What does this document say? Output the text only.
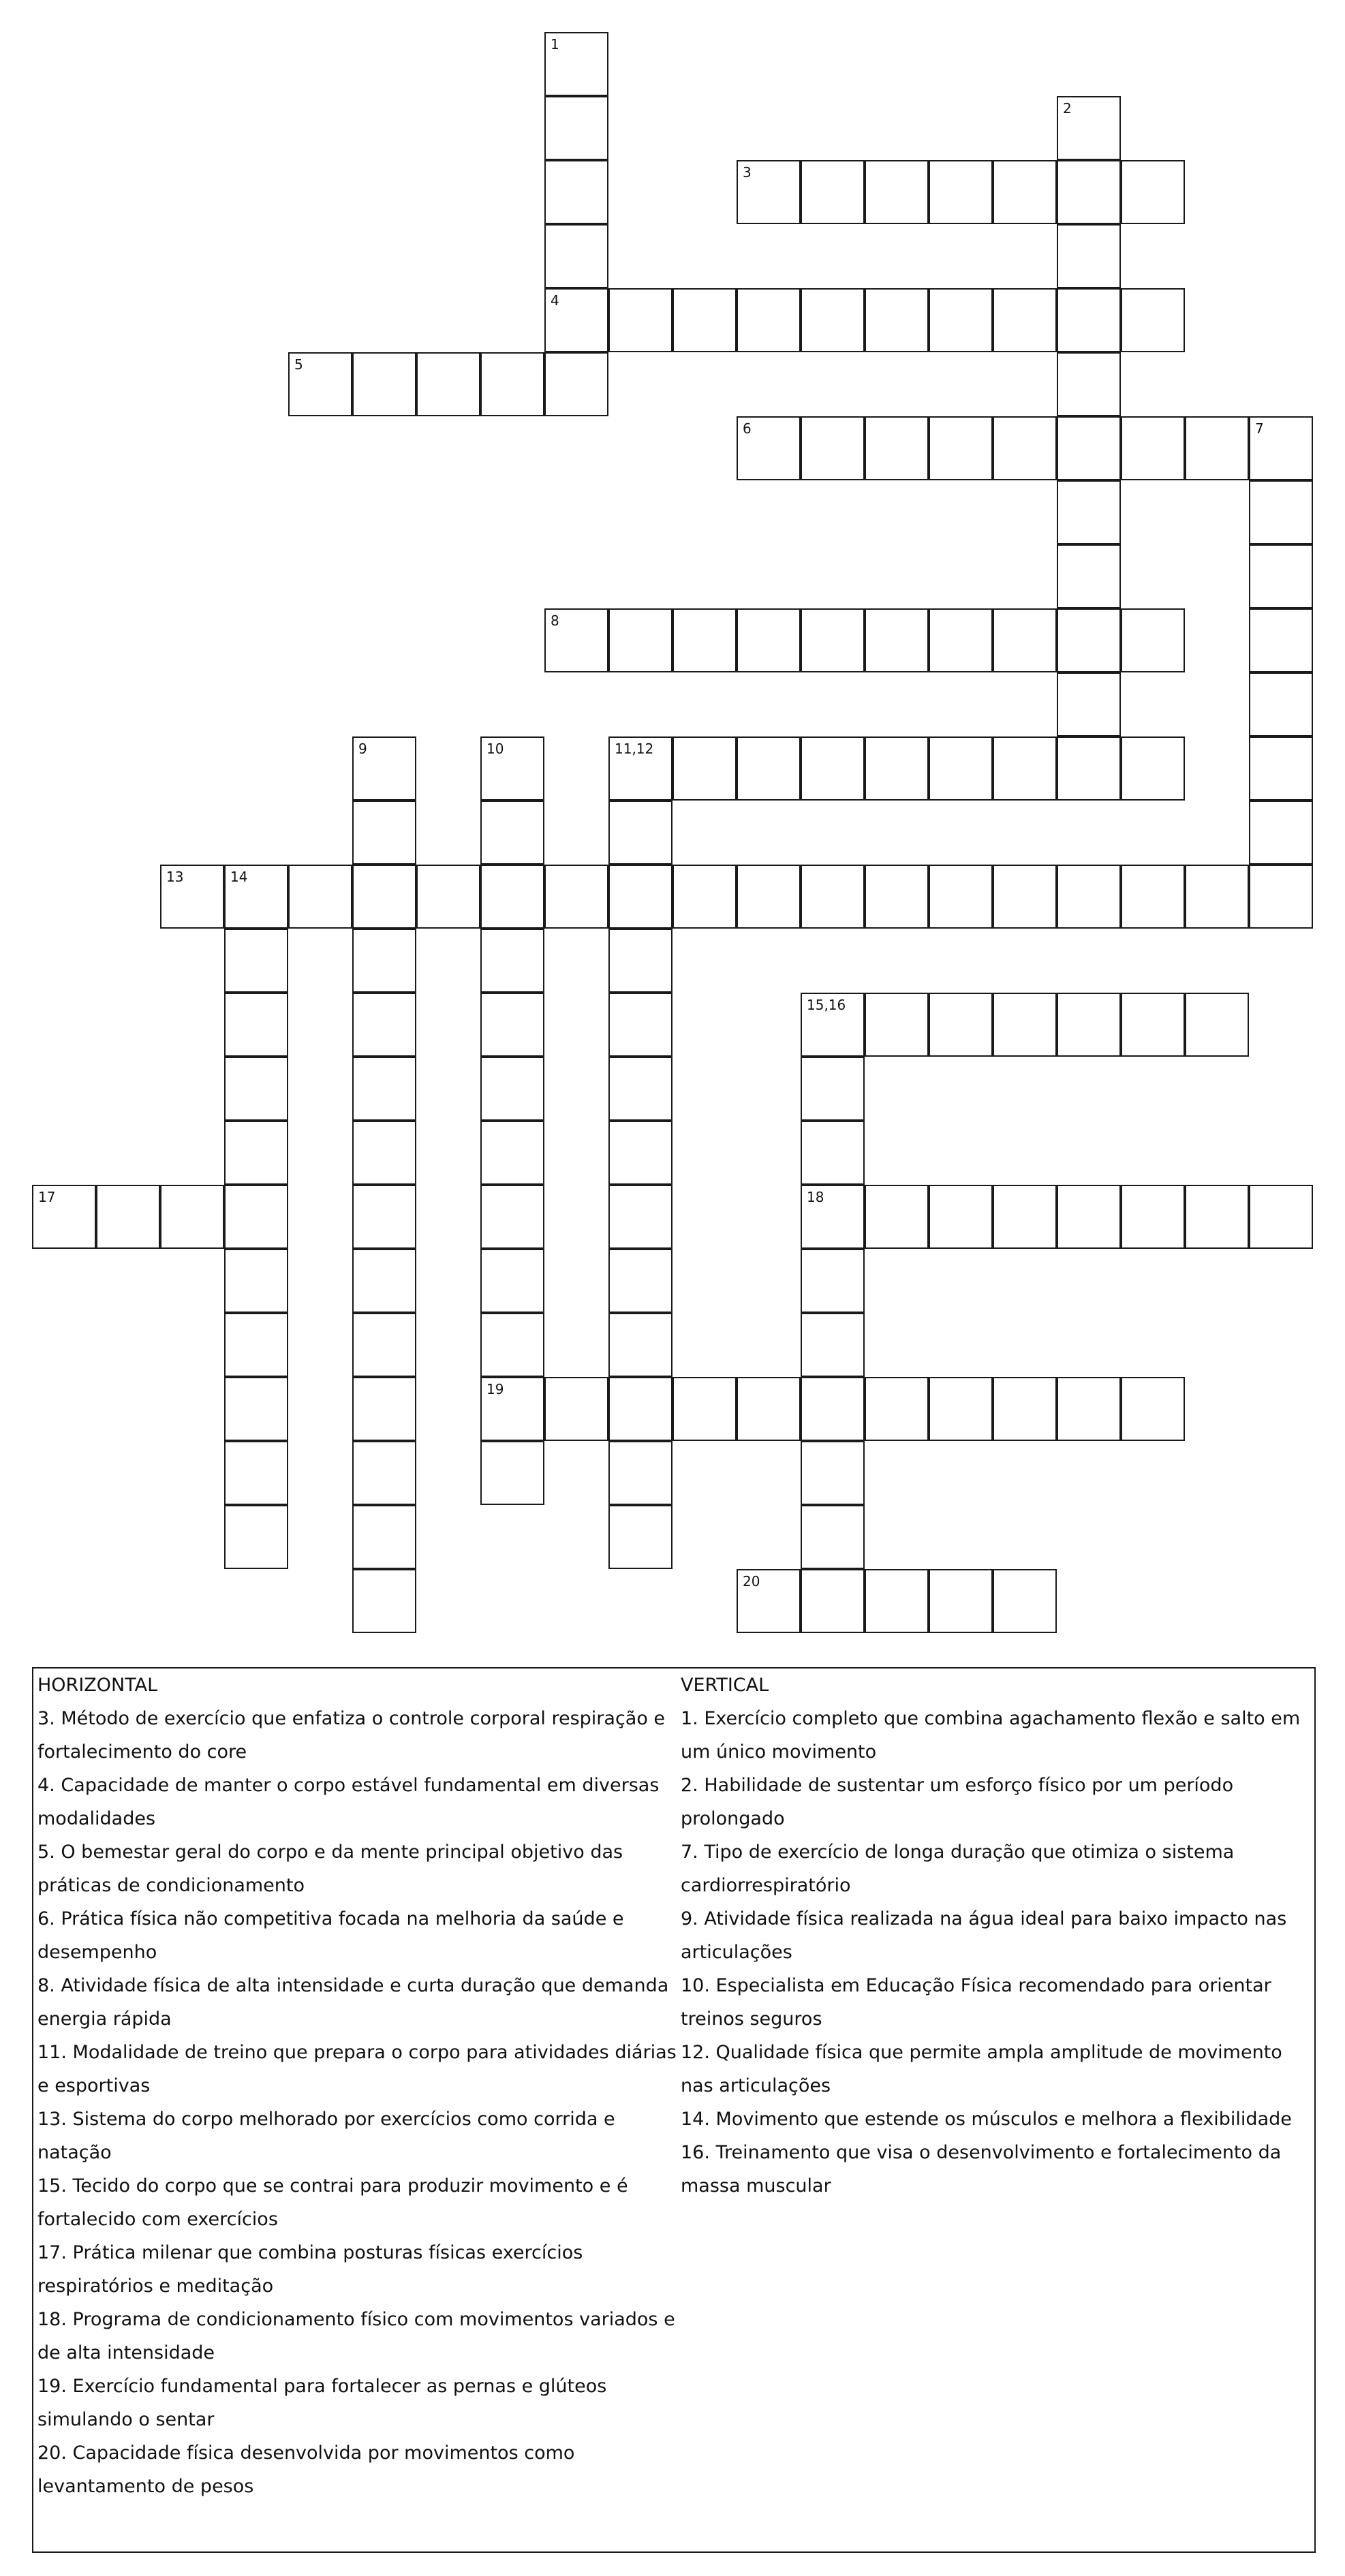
3
4
5
6	7
8
11,12
13	14
15,16
17	18
19
20
1
2
9	10
HORIZONTAL
3. Método de exercício que enfatiza o controle corporal respiração e fortalecimento do core
4. Capacidade de manter o corpo estável fundamental em diversas modalidades
5. O bemestar geral do corpo e da mente principal objetivo das práticas de condicionamento
6. Prática física não competitiva focada na melhoria da saúde e desempenho
8. Atividade física de alta intensidade e curta duração que demanda energia rápida
11. Modalidade de treino que prepara o corpo para atividades diárias e esportivas
13. Sistema do corpo melhorado por exercícios como corrida e natação
15. Tecido do corpo que se contrai para produzir movimento e é fortalecido com exercícios
17. Prática milenar que combina posturas físicas exercícios respiratórios e meditação
18. Programa de condicionamento físico com movimentos variados e de alta intensidade
19. Exercício fundamental para fortalecer as pernas e glúteos simulando o sentar
20. Capacidade física desenvolvida por movimentos como levantamento de pesos
VERTICAL
1. Exercício completo que combina agachamento flexão e salto em um único movimento
2. Habilidade de sustentar um esforço físico por um período prolongado
7. Tipo de exercício de longa duração que otimiza o sistema cardiorrespiratório
9. Atividade física realizada na água ideal para baixo impacto nas articulações
10. Especialista em Educação Física recomendado para orientar treinos seguros
12. Qualidade física que permite ampla amplitude de movimento nas articulações
14. Movimento que estende os músculos e melhora a flexibilidade
16. Treinamento que visa o desenvolvimento e fortalecimento da massa muscular
